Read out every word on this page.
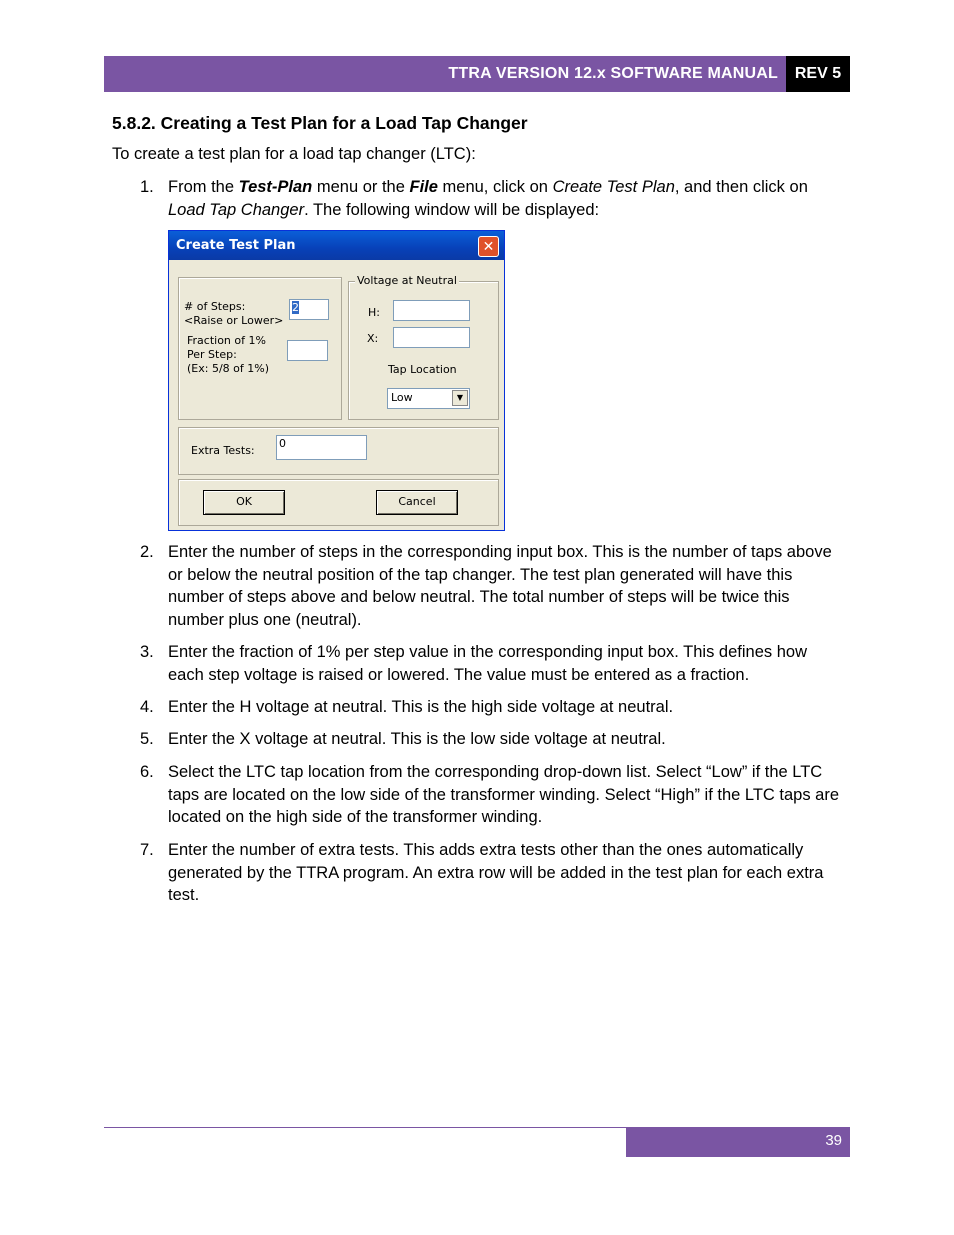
TTRA VERSION 12.x SOFTWARE MANUAL	REV 5
5.8.2. Creating a Test Plan for a Load Tap Changer
To create a test plan for a load tap changer (LTC):
1. From the Test-Plan menu or the File menu, click on Create Test Plan, and then click on Load Tap Changer. The following window will be displayed:
2. Enter the number of steps in the corresponding input box. This is the number of taps above or below the neutral position of the tap changer. The test plan generated will have this number of steps above and below neutral. The total number of steps will be twice this number plus one (neutral).
3. Enter the fraction of 1% per step value in the corresponding input box. This defines how each step voltage is raised or lowered. The value must be entered as a fraction.
4. Enter the H voltage at neutral. This is the high side voltage at neutral.
5. Enter the X voltage at neutral. This is the low side voltage at neutral.
6. Select the LTC tap location from the corresponding drop-down list. Select “Low” if the LTC taps are located on the low side of the transformer winding. Select “High” if the LTC taps are located on the high side of the transformer winding.
7. Enter the number of extra tests. This adds extra tests other than the ones automatically generated by the TTRA program. An extra row will be added in the test plan for each extra test.
Create Test Plan	✕
# of Steps:
<Raise or Lower>
2
Fraction of 1%
Per Step:
(Ex: 5/8 of 1%)
Voltage at Neutral
H:
X:
Tap Location
Low	▼
Extra Tests:
0
OK	Cancel
39
